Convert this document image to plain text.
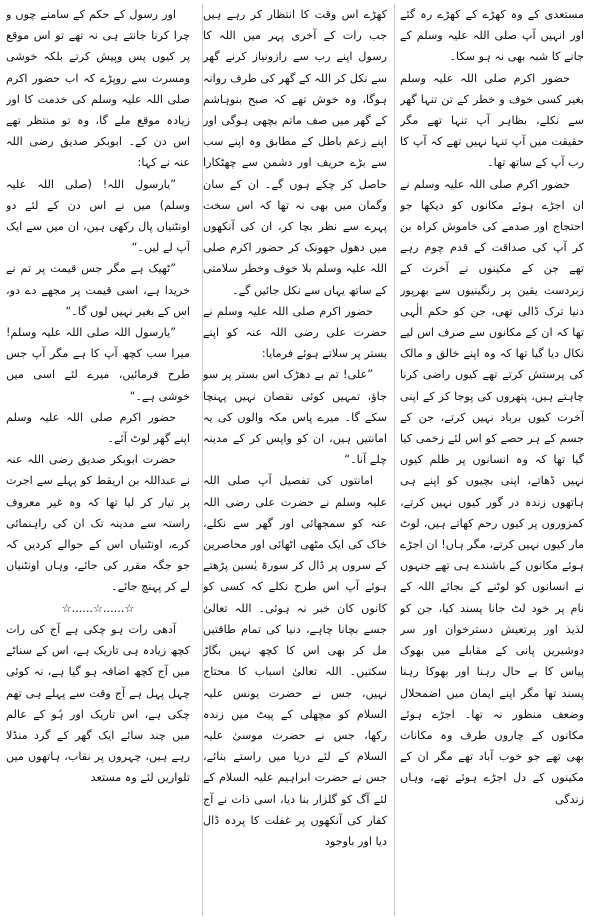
اور رسول کے حکم کے سامنے چوں و چرا کرنا جانتے ہی نہ تھے تو اس موقع پر کیوں پس وپیش کرتے بلکہ خوشی ومسرت سے روپڑے کہ اب حضور اکرم صلی اللہ علیہ وسلم کی خدمت کا اور زیادہ موقع ملے گا، وہ تو منتظر تھے اس دن کے۔ ابوبکر صدیق رضی اللہ عنہ نے کہا:

”یارسول اللہ! (صلی اللہ علیہ وسلم) میں نے اس دن کے لئے دو اونٹنیاں پال رکھی ہیں، ان میں سے ایک آپ لے لیں۔“

”ٹھیک ہے مگر جس قیمت پر تم نے خریدا ہے، اسی قیمت پر مجھے دے دو، اس کے بغیر نہیں لوں گا۔“

”یارسول اللہ صلی اللہ علیہ وسلم! میرا سب کچھ آپ کا ہے مگر آپ جس طرح فرمائیں، میرے لئے اسی میں خوشی ہے۔“

حضور اکرم صلی اللہ علیہ وسلم اپنے گھر لوٹ آئے۔

حضرت ابوبکر صدیق رضی اللہ عنہ نے عبداللہ بن اریقط کو پہلے سے اجرت پر تیار کر لیا تھا کہ وہ غیر معروف راستہ سے مدینہ تک ان کی راہنمائی کرے، اونٹنیاں اس کے حوالے کردیں کہ جو جگہ مقرر کی جائے، وہاں اونٹنیاں لے کر پہنچ جائے۔

☆......☆......☆

آدھی رات ہو چکی ہے آج کی رات کچھ زیادہ ہی تاریک ہے، اس کے سناٹے میں آج کچھ اضافہ ہو گیا ہے، نہ کوئی چہل پہل ہے آج وقت سے پہلے ہی تھم چکی ہے، اس تاریک اور ہُو کے عالم میں چند سائے ایک گھر کے گرد منڈلا رہے ہیں، چہروں پر نقاب، ہاتھوں میں تلواریں لئے وہ مستعد

کھڑے اس وقت کا انتظار کر رہے ہیں جب رات کے آخری پہر میں اللہ کا رسول اپنے رب سے رازونیاز کرنے گھر سے نکل کر اللہ کے گھر کی طرف روانہ ہوگا، وہ خوش تھے کہ صبح بنوہاشم کے گھر میں صف ماتم بچھی ہوگی اور اپنے زعم باطل کے مطابق وہ اپنے سب سے بڑے حریف اور دشمن سے چھٹکارا حاصل کر چکے ہوں گے۔ ان کے سان وگمان میں بھی نہ تھا کہ اس سخت پہرے سے نظر بچا کر، ان کی آنکھوں میں دھول جھونک کر حضور اکرم صلی اللہ علیہ وسلم بلا خوف وخطر سلامتی کے ساتھ یہاں سے نکل جائیں گے۔

حضور اکرم صلی اللہ علیہ وسلم نے حضرت علی رضی اللہ عنہ کو اپنے بستر پر سلاتے ہوئے فرمایا:

”علی! تم بے دھڑک اس بستر پر سو جاؤ، تمہیں کوئی نقصان نہیں پہنچا سکے گا۔ میرے پاس مکہ والوں کی یہ امانتیں ہیں، ان کو واپس کر کے مدینہ چلے آنا۔“

امانتوں کی تفصیل آپ صلی اللہ علیہ وسلم نے حضرت علی رضی اللہ عنہ کو سمجھائی اور گھر سے نکلے، خاک کی ایک مٹھی اٹھائی اور محاصرین کے سروں پر ڈال کر سورۃ یٰسین پڑھتے ہوئے آپ اس طرح نکلے کہ کسی کو کانوں کان خبر نہ ہوئی۔ اللہ تعالیٰ جسے بچانا چاہے، دنیا کی تمام طاقتیں مل کر بھی اس کا کچھ نہیں بگاڑ سکتیں۔ اللہ تعالیٰ اسباب کا محتاج نہیں، جس نے حضرت یونس علیہ السلام کو مچھلی کے پیٹ میں زندہ رکھا، جس نے حضرت موسیٰ علیہ السلام کے لئے دریا میں راستے بنائے، جس نے حضرت ابراہیم علیہ السلام کے لئے آگ کو گلزار بنا دیا، اسی ذات نے آج کفار کی آنکھوں پر غفلت کا پردہ ڈال دیا اور باوجود

مستعدی کے وہ کھڑے کے کھڑے رہ گئے اور انہیں آپ صلی اللہ علیہ وسلم کے جانے کا شبہ بھی نہ ہو سکا۔

حضور اکرم صلی اللہ علیہ وسلم بغیر کسی خوف و خطر کے تن تنہا گھر سے نکلے، بظاہر آپ تنہا تھے مگر حقیقت میں آپ تنہا نہیں تھے کہ آپ کا رب آپ کے ساتھ تھا۔

حضور اکرم صلی اللہ علیہ وسلم نے ان اجڑے ہوئے مکانوں کو دیکھا جو احتجاج اور صدمے کی خاموش کراہ بن کر آپ کی صداقت کے قدم چوم رہے تھے جن کے مکینوں نے آخرت کے زبردست یقین پر رنگینیوں سے بھرپور دنیا ترک ڈالی تھی، جن کو حکم الٰہی تھا کہ ان کے مکانوں سے صرف اس لیے نکال دیا گیا تھا کہ وہ اپنے خالق و مالک کی پرستش کرتے تھے کیوں راضی کرنا چاہتے ہیں، پتھروں کی پوجا کر کے اپنی آخرت کیوں برباد نہیں کرتے، جن کے جسم کے ہر حصے کو اس لئے زخمی کیا گیا تھا کہ وہ انسانوں پر ظلم کیوں نہیں ڈھاتے، اپنی بچیوں کو اپنے ہی ہاتھوں زندہ در گور کیوں نہیں کرتے، کمزوروں پر کیوں رحم کھاتے ہیں، لوٹ مار کیوں نہیں کرتے، مگر ہاں! ان اجڑے ہوئے مکانوں کے باشندے ہی تھے جنہوں نے انسانوں کو لوٹنے کے بجائے اللہ کے نام پر خود لٹ جانا پسند کیا، جن کو لذیذ اور پرتعیش دسترخوان اور سر دوشیریں پانی کے مقابلے میں بھوک پیاس کا بے حال رہنا اور بھوکا رہنا پسند تھا مگر اپنے ایمان میں اضمحلال وضعف منظور نہ تھا۔ اجڑے ہوئے مکانوں کے چاروں طرف وہ مکانات بھی تھے جو خوب آباد تھے مگر ان کے مکینوں کے دل اجڑے ہوئے تھے، وہاں زندگی
